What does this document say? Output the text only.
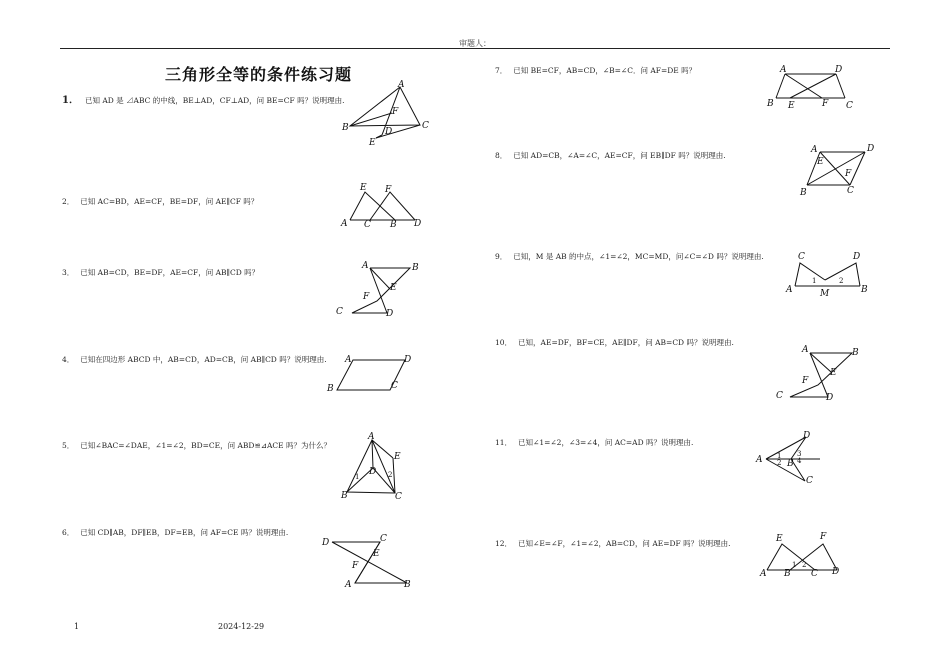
审题人：
三角形全等的条件练习题
1． 已知 AD 是 ⊿ABC 的中线，BE⊥AD，CF⊥AD，问 BE=CF 吗？说明理由.
2． 已知 AC=BD，AE=CF，BE=DF，问 AE∥CF 吗？
3． 已知 AB=CD，BE=DF，AE=CF，问 AB∥CD 吗？
4． 已知在四边形 ABCD 中，AB=CD，AD=CB，问 AB∥CD 吗？说明理由.
5． 已知∠BAC=∠DAE，∠1=∠2，BD=CE，问 ABD≌⊿ACE 吗？为什么？
6． 已知 CD∥AB，DF∥EB，DF=EB，问 AF=CE 吗？说明理由.
7． 已知 BE=CF，AB=CD，∠B=∠C．问 AF=DE 吗？
8． 已知 AD=CB，∠A=∠C，AE=CF，问 EB∥DF 吗？说明理由.
9． 已知，M 是 AB 的中点，∠1=∠2，MC=MD，问∠C=∠D 吗？说明理由.
10． 已知，AE=DF，BF=CE，AE∥DF，问 AB=CD 吗？说明理由.
11． 已知∠1=∠2，∠3=∠4，问 AC=AD 吗？说明理由.
12． 已知∠E=∠F，∠1=∠2，AB=CD，问 AE=DF 吗？说明理由.
A
B	C
F
D
E
E F
A C B D
A	B
E
F
C	D
A	D
B	C
A
E
D
B	C
1	2
D	C
E
F
A	B
A	D
B E	F C
A	D
E
F
B	C
C	D
1	2
A	M	B
A	B
E
F
C	D
D
A 1
2 B
3
4
C
E	F
1 2
A B C D
1	2024-12-29
